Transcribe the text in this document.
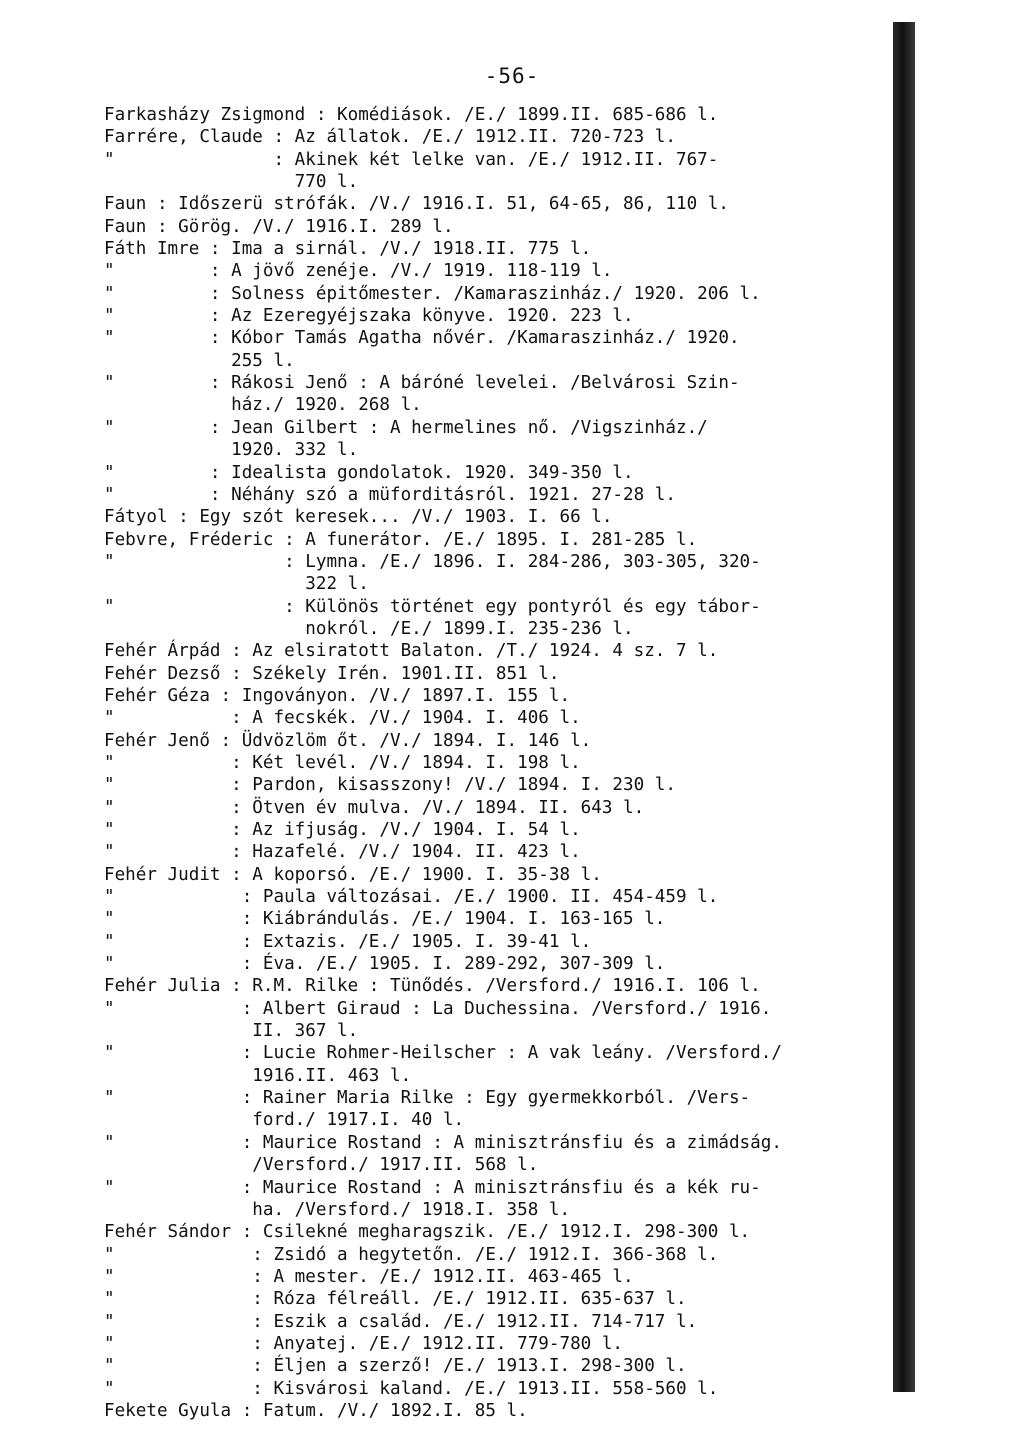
-56-
Farkasházy Zsigmond : Komédiások. /E./ 1899.II. 685-686 l.
Farrére, Claude : Az állatok. /E./ 1912.II. 720-723 l.
"               : Akinek két lelke van. /E./ 1912.II. 767-
770 l.
Faun : Időszerü strófák. /V./ 1916.I. 51, 64-65, 86, 110 l.
Faun : Görög. /V./ 1916.I. 289 l.
Fáth Imre : Ima a sirnál. /V./ 1918.II. 775 l.
"         : A jövő zenéje. /V./ 1919. 118-119 l.
"         : Solness épitőmester. /Kamaraszinház./ 1920. 206 l.
"         : Az Ezeregyéjszaka könyve. 1920. 223 l.
"         : Kóbor Tamás Agatha nővér. /Kamaraszinház./ 1920.
255 l.
"         : Rákosi Jenő : A báróné levelei. /Belvárosi Szin-
ház./ 1920. 268 l.
"         : Jean Gilbert : A hermelines nő. /Vigszinház./
1920. 332 l.
"         : Idealista gondolatok. 1920. 349-350 l.
"         : Néhány szó a müforditásról. 1921. 27-28 l.
Fátyol : Egy szót keresek... /V./ 1903. I. 66 l.
Febvre, Fréderic : A funerátor. /E./ 1895. I. 281-285 l.
"                : Lymna. /E./ 1896. I. 284-286, 303-305, 320-
322 l.
"                : Különös történet egy pontyról és egy tábor-
nokról. /E./ 1899.I. 235-236 l.
Fehér Árpád : Az elsiratott Balaton. /T./ 1924. 4 sz. 7 l.
Fehér Dezső : Székely Irén. 1901.II. 851 l.
Fehér Géza : Ingoványon. /V./ 1897.I. 155 l.
"           : A fecskék. /V./ 1904. I. 406 l.
Fehér Jenő : Üdvözlöm őt. /V./ 1894. I. 146 l.
"           : Két levél. /V./ 1894. I. 198 l.
"           : Pardon, kisasszony! /V./ 1894. I. 230 l.
"           : Ötven év mulva. /V./ 1894. II. 643 l.
"           : Az ifjuság. /V./ 1904. I. 54 l.
"           : Hazafelé. /V./ 1904. II. 423 l.
Fehér Judit : A koporsó. /E./ 1900. I. 35-38 l.
"            : Paula változásai. /E./ 1900. II. 454-459 l.
"            : Kiábrándulás. /E./ 1904. I. 163-165 l.
"            : Extazis. /E./ 1905. I. 39-41 l.
"            : Éva. /E./ 1905. I. 289-292, 307-309 l.
Fehér Julia : R.M. Rilke : Tünődés. /Versford./ 1916.I. 106 l.
"            : Albert Giraud : La Duchessina. /Versford./ 1916.
II. 367 l.
"            : Lucie Rohmer-Heilscher : A vak leány. /Versford./
1916.II. 463 l.
"            : Rainer Maria Rilke : Egy gyermekkorból. /Vers-
ford./ 1917.I. 40 l.
"            : Maurice Rostand : A minisztránsfiu és a zimádság.
/Versford./ 1917.II. 568 l.
"            : Maurice Rostand : A minisztránsfiu és a kék ru-
ha. /Versford./ 1918.I. 358 l.
Fehér Sándor : Csilekné megharagszik. /E./ 1912.I. 298-300 l.
"             : Zsidó a hegytetőn. /E./ 1912.I. 366-368 l.
"             : A mester. /E./ 1912.II. 463-465 l.
"             : Róza félreáll. /E./ 1912.II. 635-637 l.
"             : Eszik a család. /E./ 1912.II. 714-717 l.
"             : Anyatej. /E./ 1912.II. 779-780 l.
"             : Éljen a szerző! /E./ 1913.I. 298-300 l.
"             : Kisvárosi kaland. /E./ 1913.II. 558-560 l.
Fekete Gyula : Fatum. /V./ 1892.I. 85 l.
